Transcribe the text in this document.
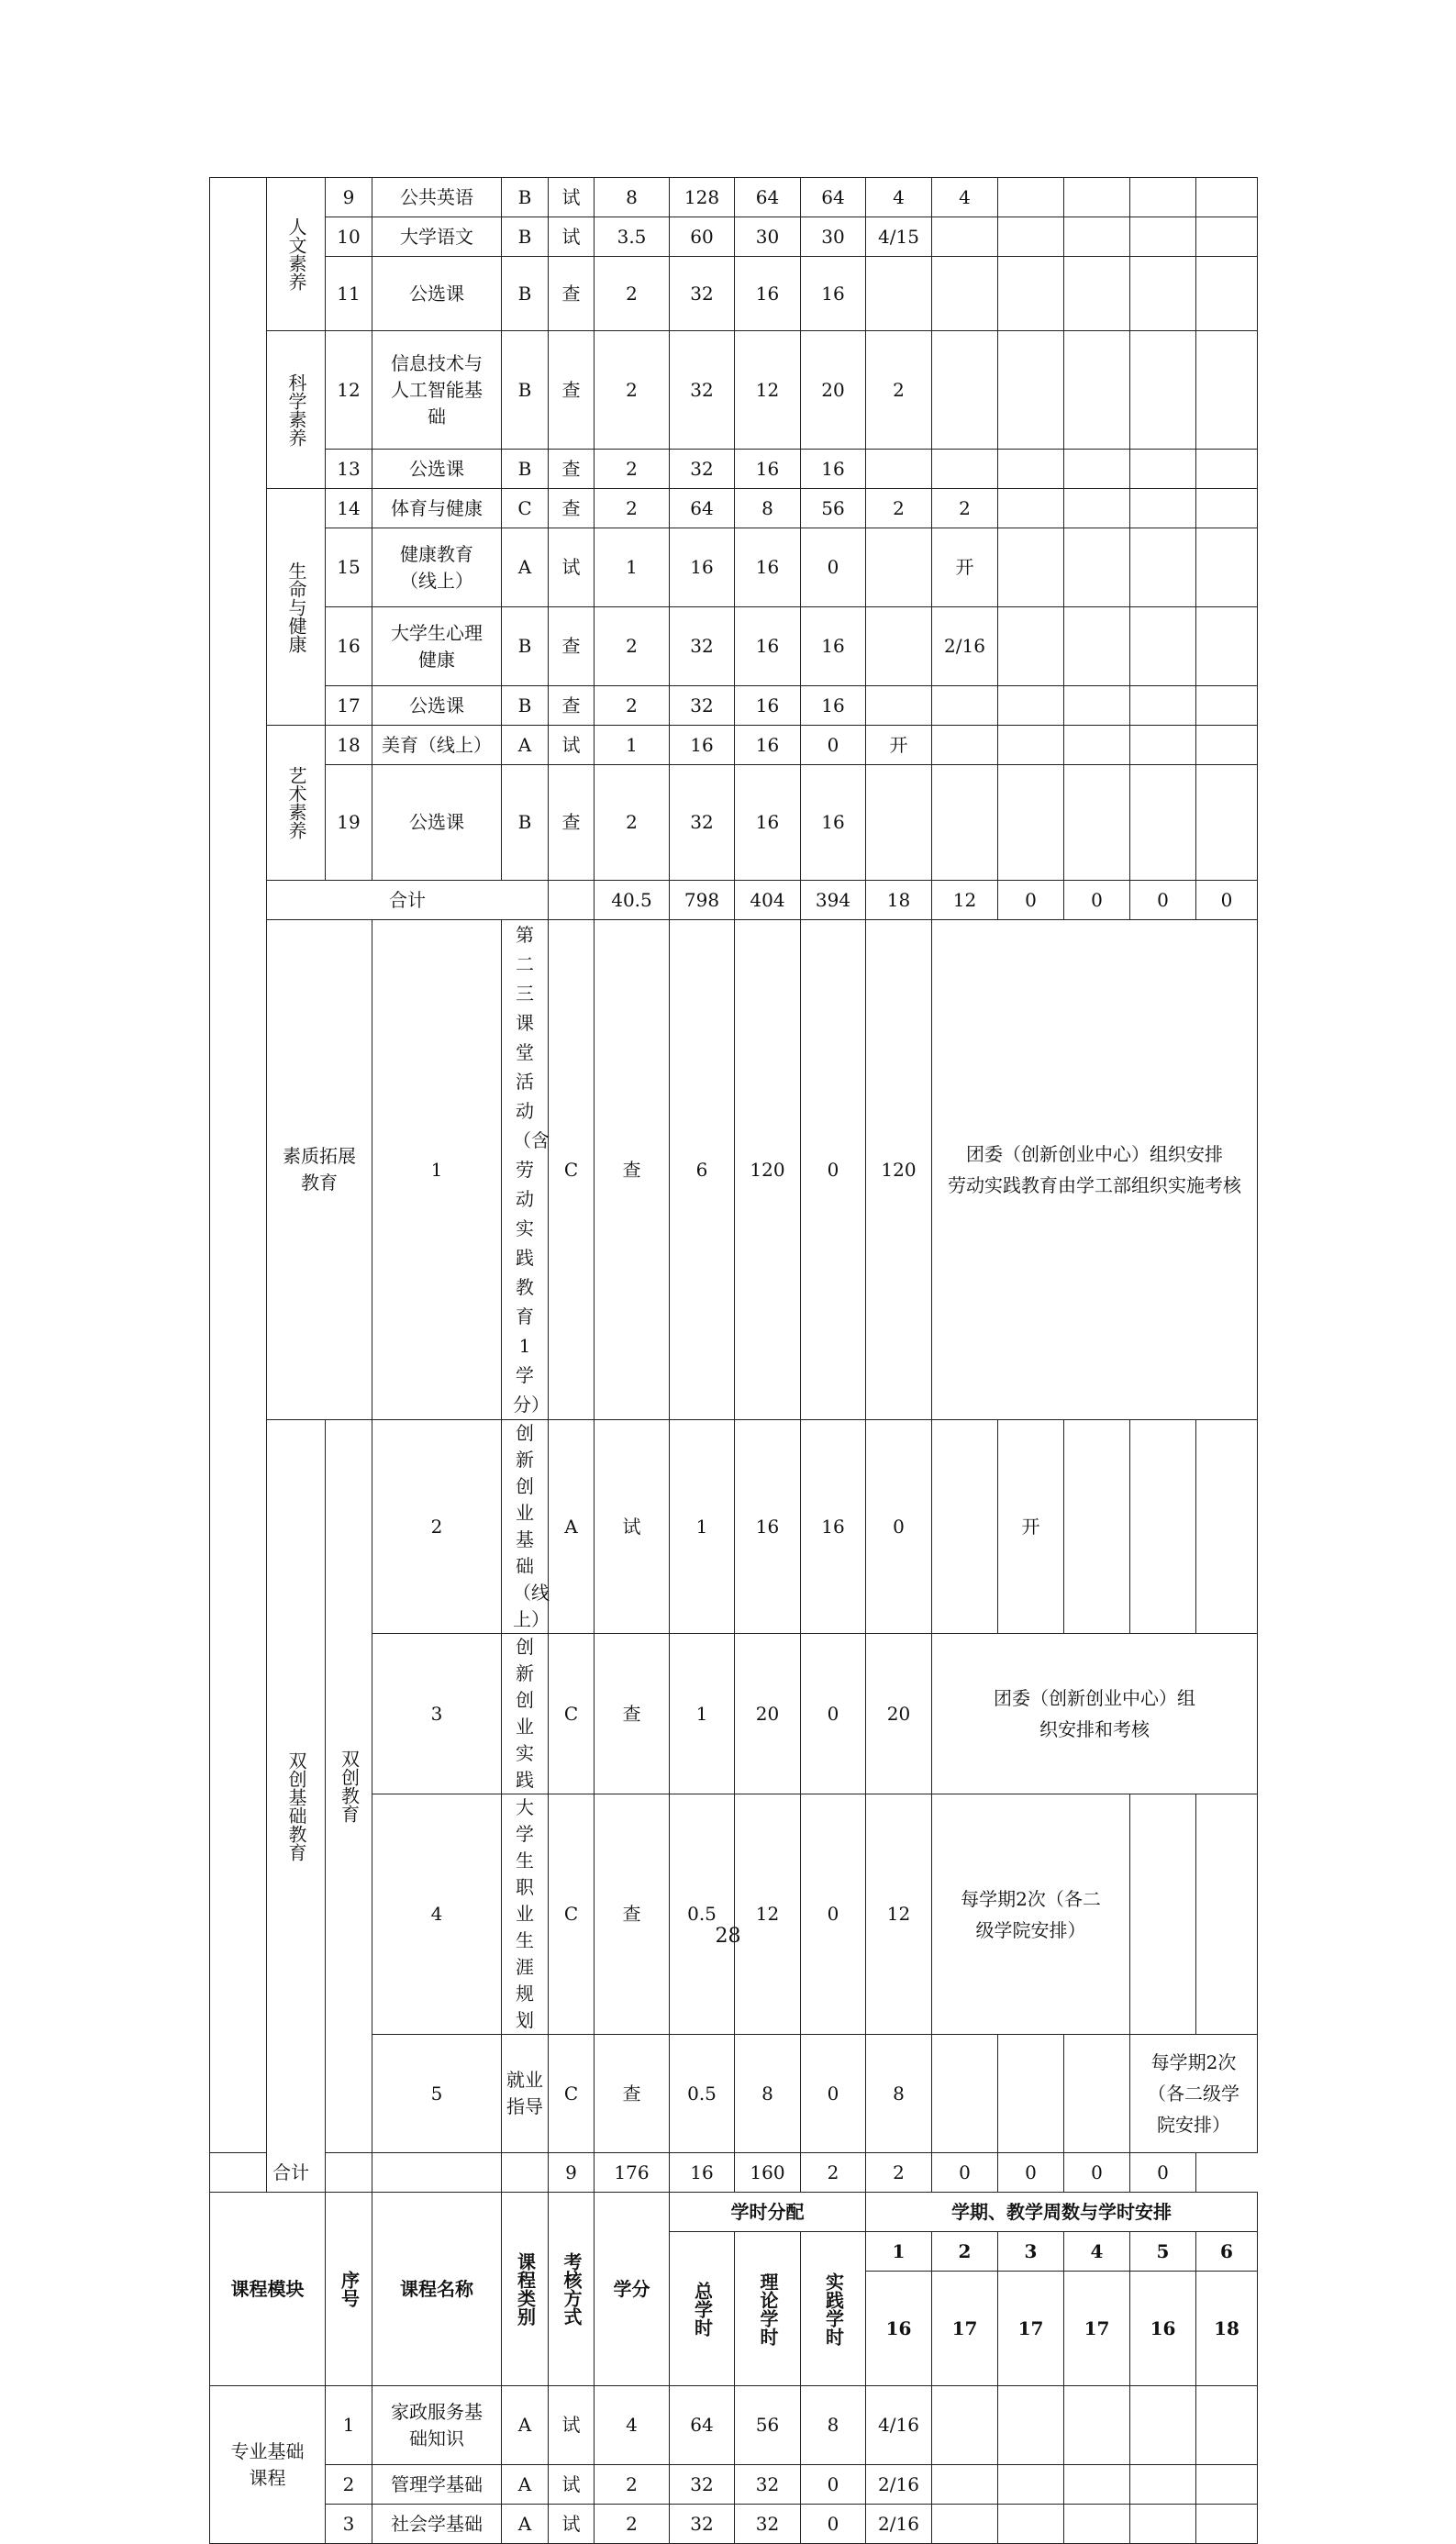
	人文素养	9	公共英语	B	试	8	128	64	64	4	4					
		10	大学语文	B	试	3.5	60	30	30	4/15						
		11	公选课	B	查	2	32	16	16							
	科学素养	12	信息技术与人工智能基础	B	查	2	32	12	20	2						
		13	公选课	B	查	2	32	16	16							
	生命与健康	14	体育与健康	C	查	2	64	8	56	2	2					
		15	健康教育（线上）	A	试	1	16	16	0		开					
		16	大学生心理健康	B	查	2	32	16	16		2/16					
		17	公选课	B	查	2	32	16	16							
	艺术素养	18	美育（线上）	A	试	1	16	16	0	开						
		19	公选课	B	查	2	32	16	16							
	合计					40.5	798	404	394	18	12	0	0	0	0	
	素质拓展教育		1	第二三课堂活动（含劳动实践教育1学分）	C	查	6	120	0	120	团委（创新创业中心）组织安排
劳动实践教育由学工部组织实施考核					

	双创基础教育	双创教育	2	创新创业基础（线上）	A	试	1	16	16	0		开				
			3	创新创业实践	C	查	1	20	0	20	团委（创新创业中心）组织安排和考核					
			4	大学生职业生涯规划	C	查	0.5	12	0	12	每学期2次（各二级学院安排）					
			5	就业指导	C	查	0.5	8	0	8				每学期2次（各二级学院安排）		
合计					9	176	16	160	2	2	0	0	0	0		
课程模块		序号	课程名称	课程类别	考核方式	学分	学时分配			学期、教学周数与学时安排						
							总学时	理论学时	实践学时	1	2	3	4	5	6	
										16	17	17	17	16	18	
专业基础课程		1	家政服务基础知识	A	试	4	64	56	8	4/16						
		2	管理学基础	A	试	2	32	32	0	2/16						
		3	社会学基础	A	试	2	32	32	0	2/16						
28
